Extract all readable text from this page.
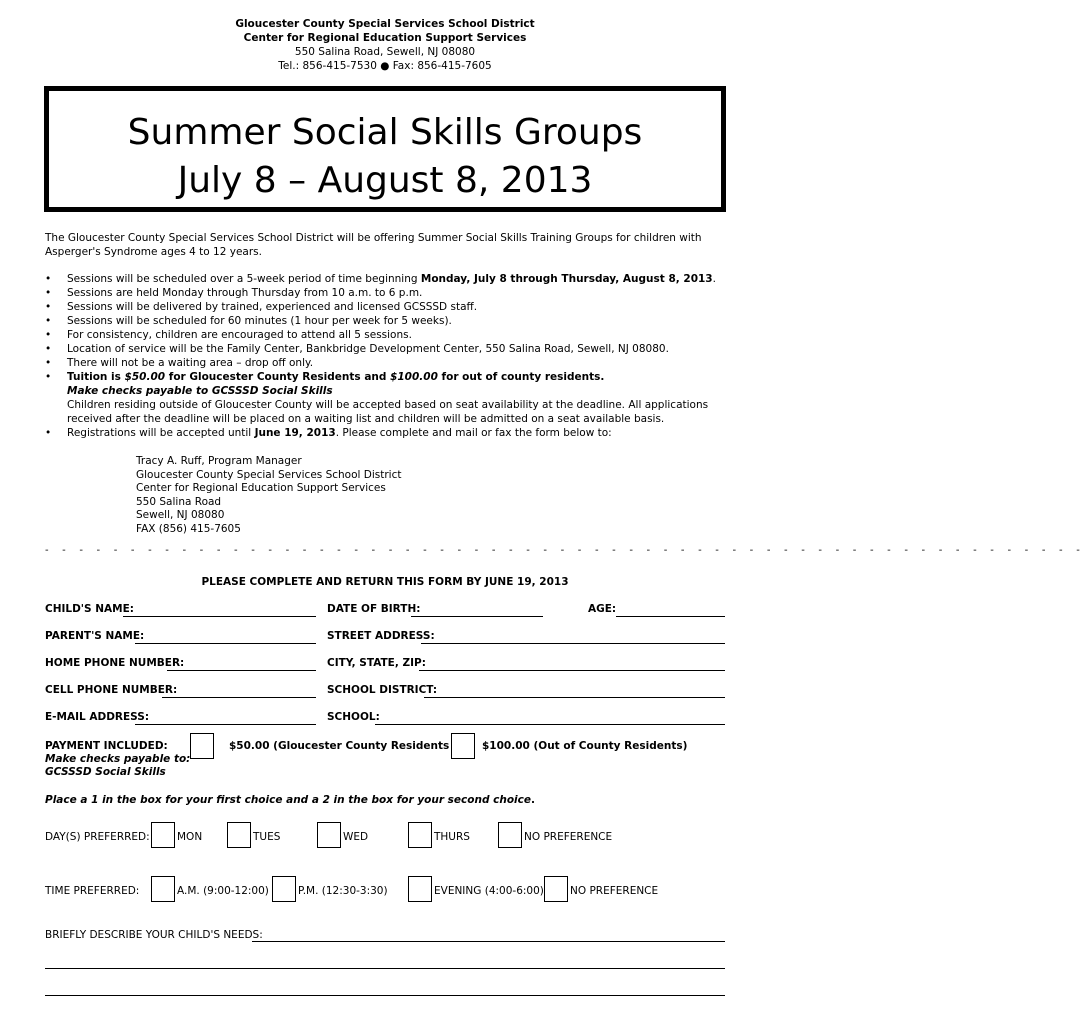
Gloucester County Special Services School District
Center for Regional Education Support Services
550 Salina Road, Sewell, NJ 08080
Tel.: 856-415-7530 ● Fax: 856-415-7605
Summer Social Skills Groups
July 8 – August 8, 2013
The Gloucester County Special Services School District will be offering Summer Social Skills Training Groups for children with Asperger's Syndrome ages 4 to 12 years.
• Sessions will be scheduled over a 5-week period of time beginning Monday, July 8 through Thursday, August 8, 2013.
• Sessions are held Monday through Thursday from 10 a.m. to 6 p.m.
• Sessions will be delivered by trained, experienced and licensed GCSSSD staff.
• Sessions will be scheduled for 60 minutes (1 hour per week for 5 weeks).
• For consistency, children are encouraged to attend all 5 sessions.
• Location of service will be the Family Center, Bankbridge Development Center, 550 Salina Road, Sewell, NJ 08080.
• There will not be a waiting area – drop off only.
• Tuition is $50.00 for Gloucester County Residents and $100.00 for out of county residents.
Make checks payable to GCSSSD Social Skills
Children residing outside of Gloucester County will be accepted based on seat availability at the deadline. All applications received after the deadline will be placed on a waiting list and children will be admitted on a seat available basis.
• Registrations will be accepted until June 19, 2013. Please complete and mail or fax the form below to:
Tracy A. Ruff, Program Manager
Gloucester County Special Services School District
Center for Regional Education Support Services
550 Salina Road
Sewell, NJ 08080
FAX (856) 415-7605
- - - - - - - - - - - - - - - - - - - - - - - - - - - - - - - - - - - - - - - - - - - - - - - - - - - - - - - - - - - - -
PLEASE COMPLETE AND RETURN THIS FORM BY JUNE 19, 2013
CHILD'S NAME:	DATE OF BIRTH:	AGE:
PARENT'S NAME:	STREET ADDRESS:
HOME PHONE NUMBER:	CITY, STATE, ZIP:
CELL PHONE NUMBER:	SCHOOL DISTRICT:
E-MAIL ADDRESS:	SCHOOL:
PAYMENT INCLUDED:
Make checks payable to:
GCSSSD Social Skills
$50.00 (Gloucester County Residents	$100.00 (Out of County Residents)
Place a 1 in the box for your first choice and a 2 in the box for your second choice.
DAY(S) PREFERRED:	MON	TUES	WED	THURS	NO PREFERENCE
TIME PREFERRED:	A.M. (9:00-12:00)	P.M. (12:30-3:30)	EVENING (4:00-6:00) NO PREFERENCE
BRIEFLY DESCRIBE YOUR CHILD'S NEEDS:
